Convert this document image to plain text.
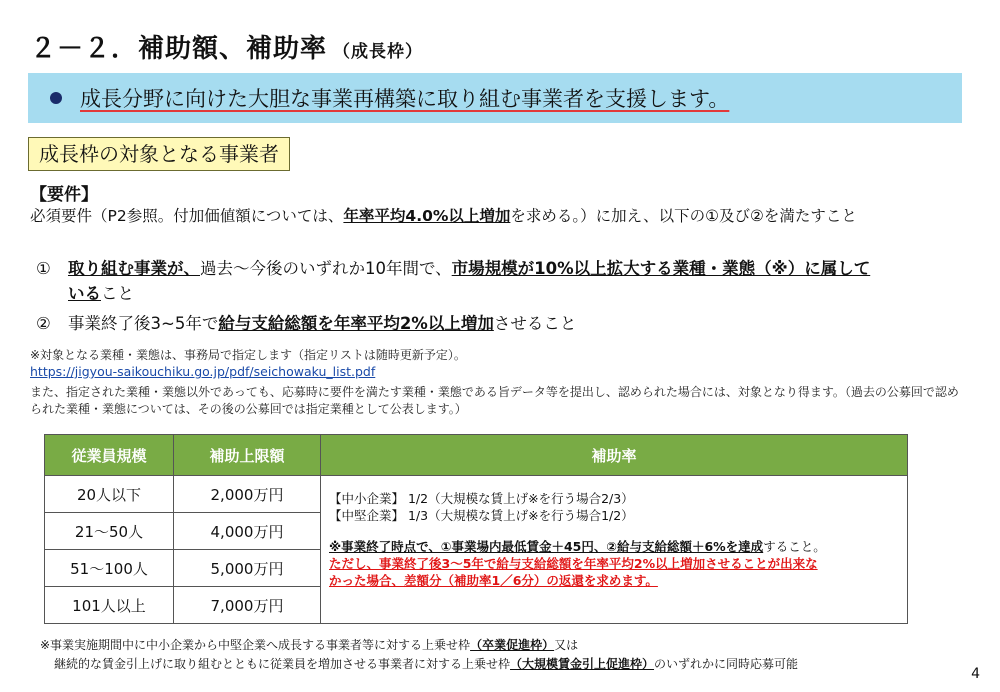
２－２．補助額、補助率 （成長枠）
成長分野に向けた大胆な事業再構築に取り組む事業者を支援します。
成長枠の対象となる事業者
【要件】
必須要件（P2参照。付加価値額については、年率平均4.0%以上増加を求める。）に加え、以下の①及び②を満たすこと
① 取り組む事業が、過去～今後のいずれか10年間で、市場規模が10%以上拡大する業種・業態（※）に属して
いること
② 事業終了後3~5年で給与支給総額を年率平均2%以上増加させること
※対象となる業種・業態は、事務局で指定します（指定リストは随時更新予定）。
https://jigyou-saikouchiku.go.jp/pdf/seichowaku_list.pdf
また、指定された業種・業態以外であっても、応募時に要件を満たす業種・業態である旨データ等を提出し、認められた場合には、対象となり得ます。（過去の公募回で認められた業種・業態については、その後の公募回では指定業種として公表します。）
従業員規模	補助上限額	補助率
20人以下	2,000万円	【中小企業】 1/2（大規模な賃上げ※を行う場合2/3）
【中堅企業】 1/3（大規模な賃上げ※を行う場合1/2）
※事業終了時点で、①事業場内最低賃金＋45円、②給与支給総額＋6%を達成すること。
ただし、事業終了後3～5年で給与支給総額を年率平均2%以上増加させることが出来な
かった場合、差額分（補助率1／6分）の返還を求めます。

21～50人	4,000万円	
51～100人	5,000万円	
101人以上	7,000万円	
※事業実施期間中に中小企業から中堅企業へ成長する事業者等に対する上乗せ枠（卒業促進枠）又は
継続的な賃金引上げに取り組むとともに従業員を増加させる事業者に対する上乗せ枠（大規模賃金引上促進枠）のいずれかに同時応募可能
4
